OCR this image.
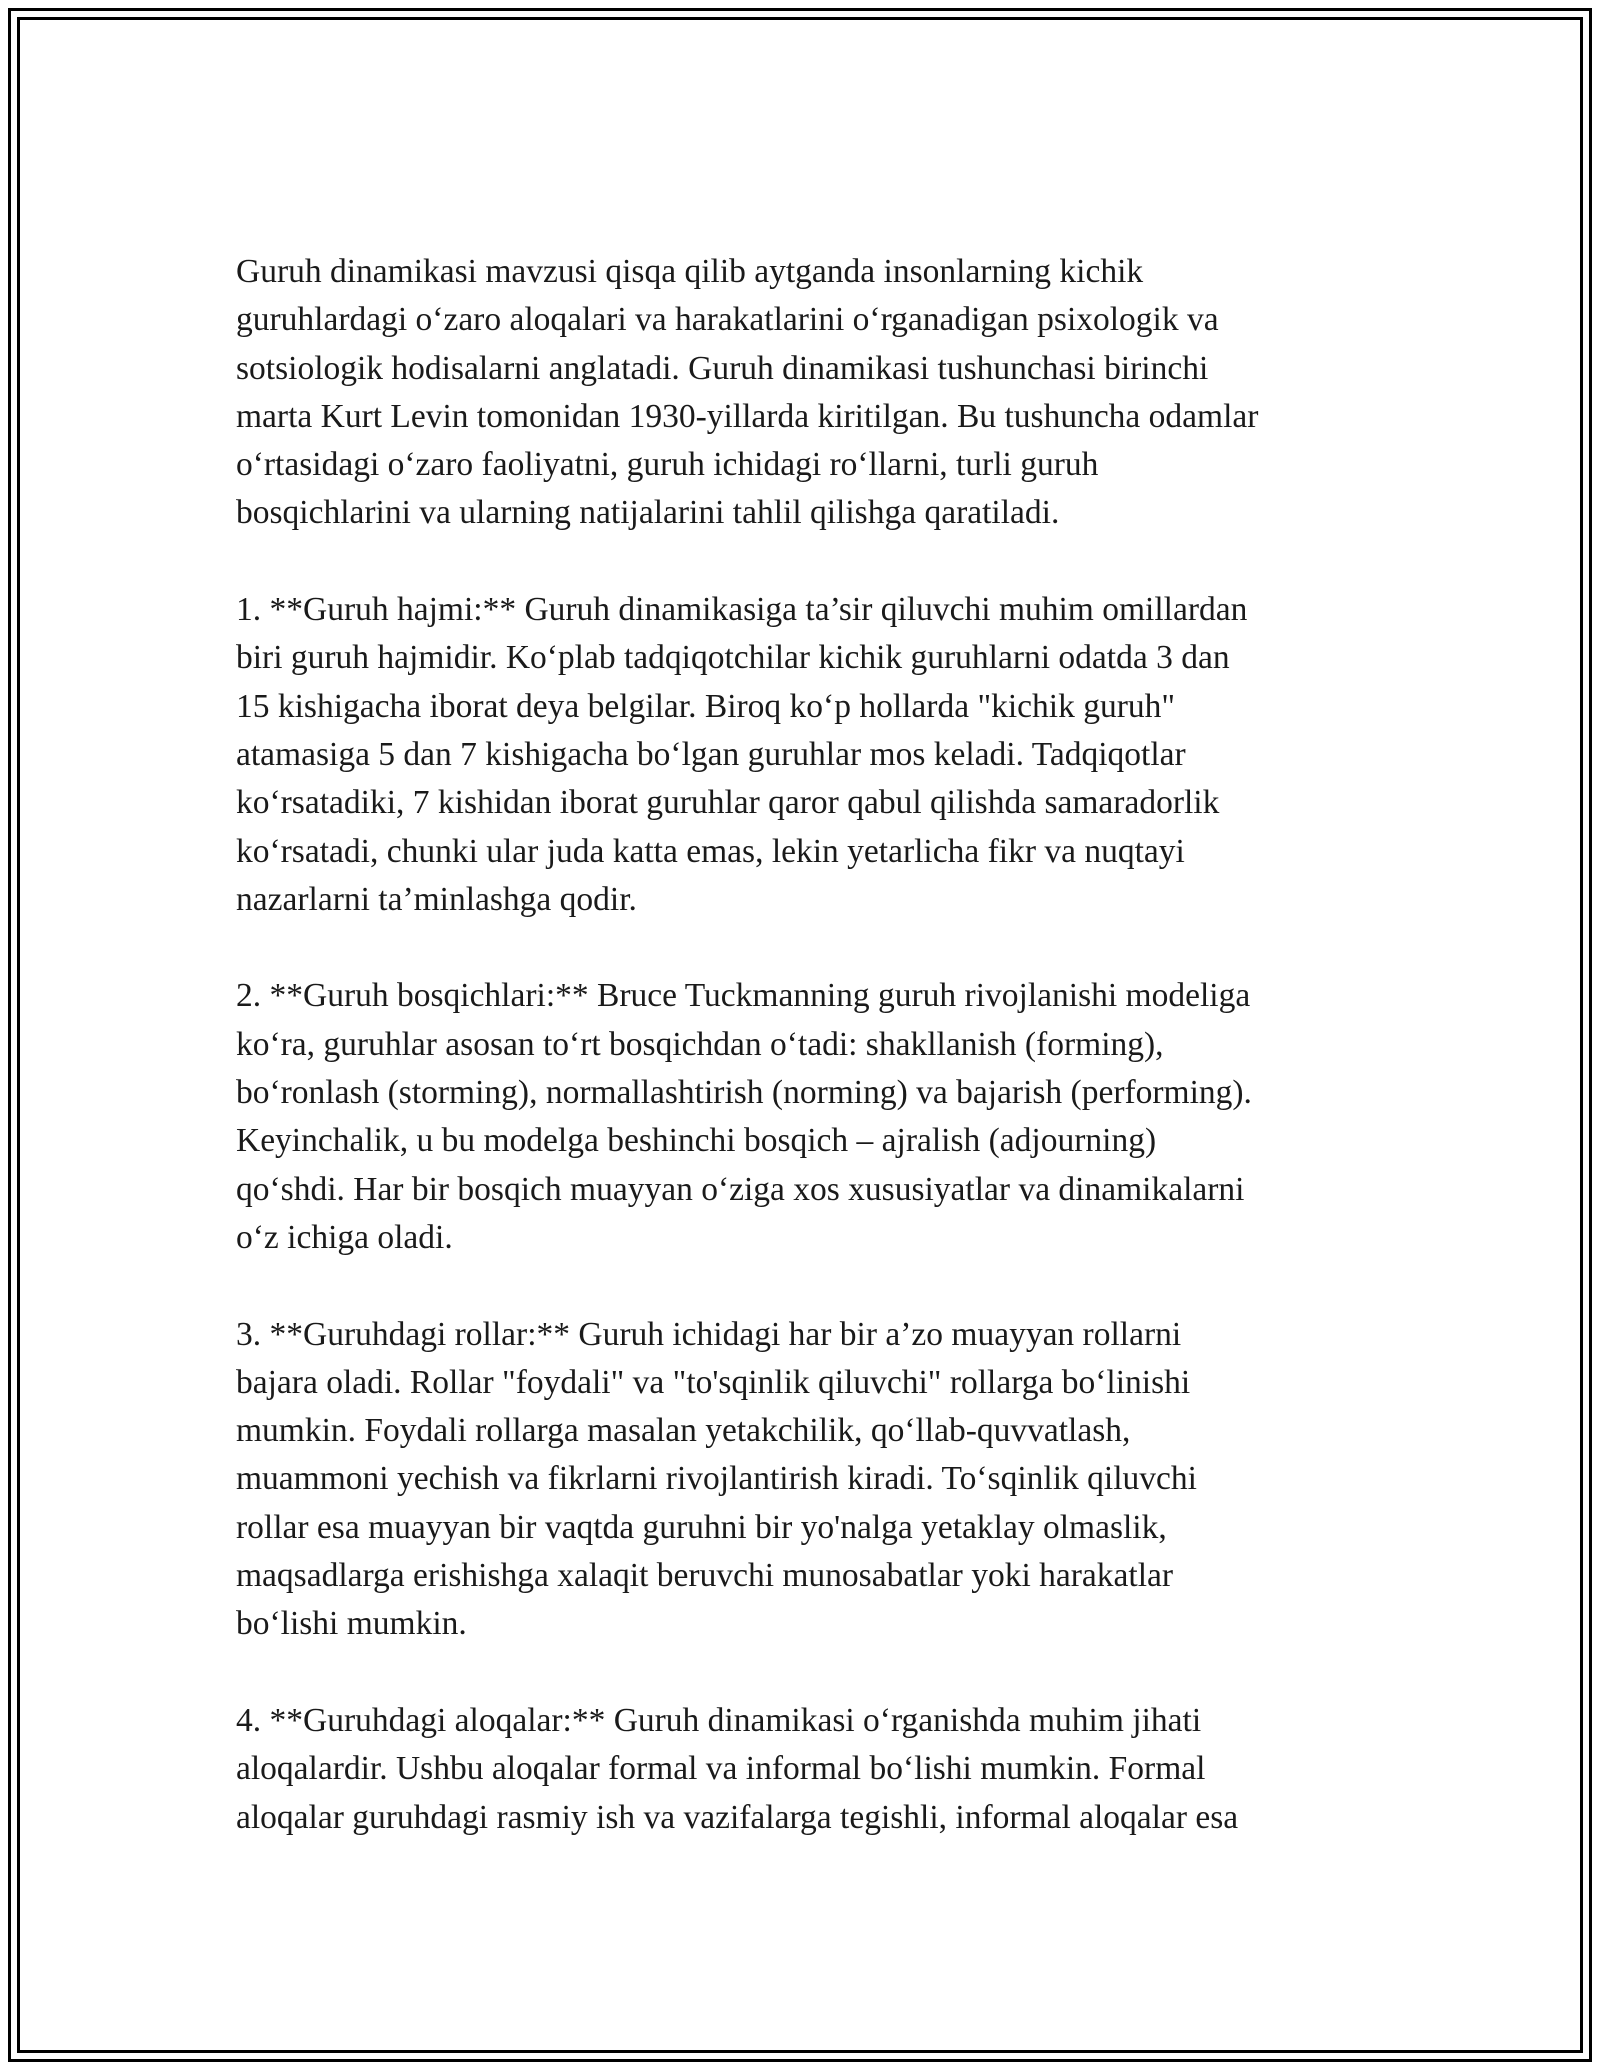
Guruh dinamikasi mavzusi qisqa qilib aytganda insonlarning kichik
guruhlardagi o‘zaro aloqalari va harakatlarini o‘rganadigan psixologik va
sotsiologik hodisalarni anglatadi. Guruh dinamikasi tushunchasi birinchi
marta Kurt Levin tomonidan 1930-yillarda kiritilgan. Bu tushuncha odamlar
o‘rtasidagi o‘zaro faoliyatni, guruh ichidagi ro‘llarni, turli guruh
bosqichlarini va ularning natijalarini tahlil qilishga qaratiladi.
1. **Guruh hajmi:** Guruh dinamikasiga ta’sir qiluvchi muhim omillardan
biri guruh hajmidir. Ko‘plab tadqiqotchilar kichik guruhlarni odatda 3 dan
15 kishigacha iborat deya belgilar. Biroq ko‘p hollarda "kichik guruh"
atamasiga 5 dan 7 kishigacha bo‘lgan guruhlar mos keladi. Tadqiqotlar
ko‘rsatadiki, 7 kishidan iborat guruhlar qaror qabul qilishda samaradorlik
ko‘rsatadi, chunki ular juda katta emas, lekin yetarlicha fikr va nuqtayi
nazarlarni ta’minlashga qodir.
2. **Guruh bosqichlari:** Bruce Tuckmanning guruh rivojlanishi modeliga
ko‘ra, guruhlar asosan to‘rt bosqichdan o‘tadi: shakllanish (forming),
bo‘ronlash (storming), normallashtirish (norming) va bajarish (performing).
Keyinchalik, u bu modelga beshinchi bosqich – ajralish (adjourning)
qo‘shdi. Har bir bosqich muayyan o‘ziga xos xususiyatlar va dinamikalarni
o‘z ichiga oladi.
3. **Guruhdagi rollar:** Guruh ichidagi har bir a’zo muayyan rollarni
bajara oladi. Rollar "foydali" va "to'sqinlik qiluvchi" rollarga bo‘linishi
mumkin. Foydali rollarga masalan yetakchilik, qo‘llab-quvvatlash,
muammoni yechish va fikrlarni rivojlantirish kiradi. To‘sqinlik qiluvchi
rollar esa muayyan bir vaqtda guruhni bir yo'nalga yetaklay olmaslik,
maqsadlarga erishishga xalaqit beruvchi munosabatlar yoki harakatlar
bo‘lishi mumkin.
4. **Guruhdagi aloqalar:** Guruh dinamikasi o‘rganishda muhim jihati
aloqalardir. Ushbu aloqalar formal va informal bo‘lishi mumkin. Formal
aloqalar guruhdagi rasmiy ish va vazifalarga tegishli, informal aloqalar esa
